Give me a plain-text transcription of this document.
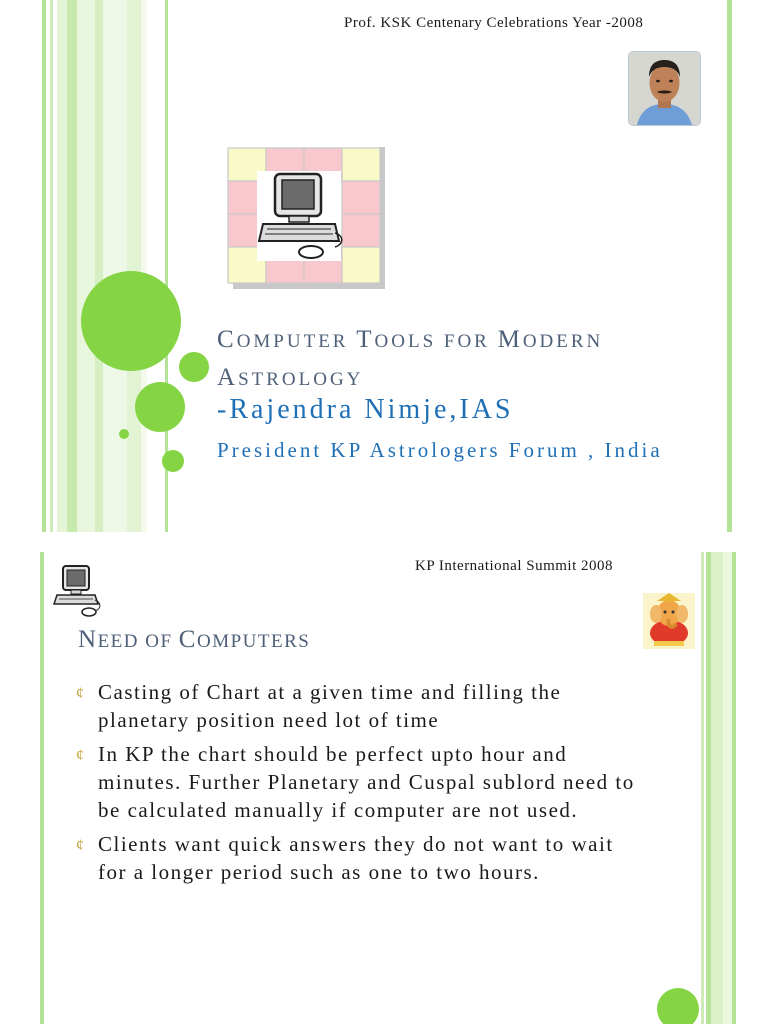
Prof. KSK Centenary Celebrations Year -2008
COMPUTER TOOLS FOR MODERN ASTROLOGY
-Rajendra Nimje,IAS
President KP Astrologers Forum , India
KP International Summit 2008
NEED OF COMPUTERS
¢ Casting of Chart at a given time and filling the planetary position need lot of time
¢ In KP the chart should be perfect upto hour and minutes. Further Planetary and Cuspal sublord need to be calculated manually if computer are not used.
¢ Clients want quick answers they do not want to wait for a longer period such as one to two hours.
